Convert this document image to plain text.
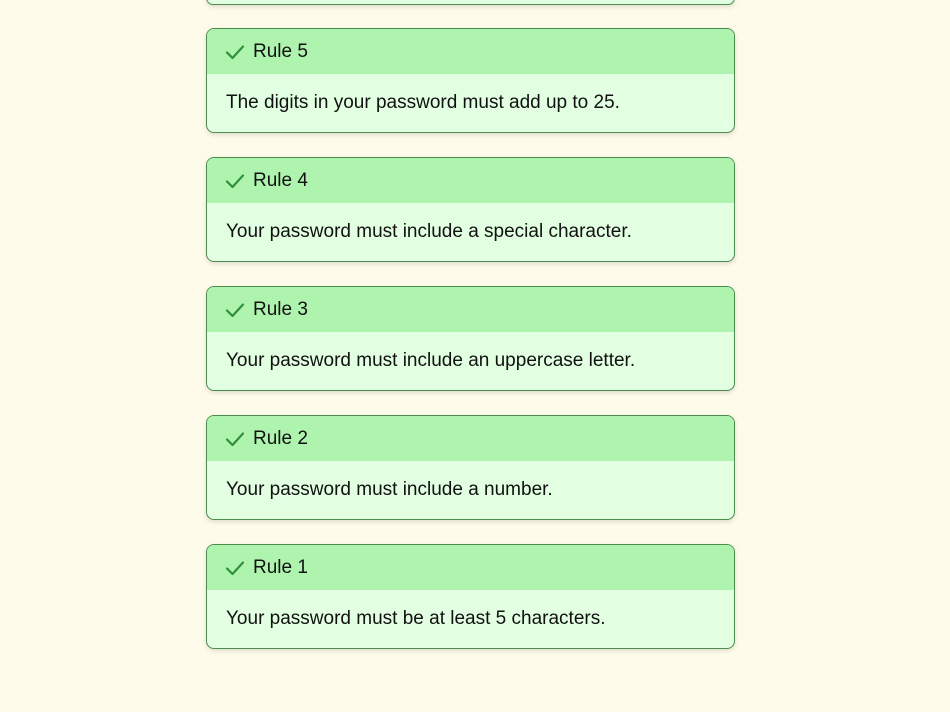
Rule 5
The digits in your password must add up to 25.
Rule 4
Your password must include a special character.
Rule 3
Your password must include an uppercase letter.
Rule 2
Your password must include a number.
Rule 1
Your password must be at least 5 characters.
